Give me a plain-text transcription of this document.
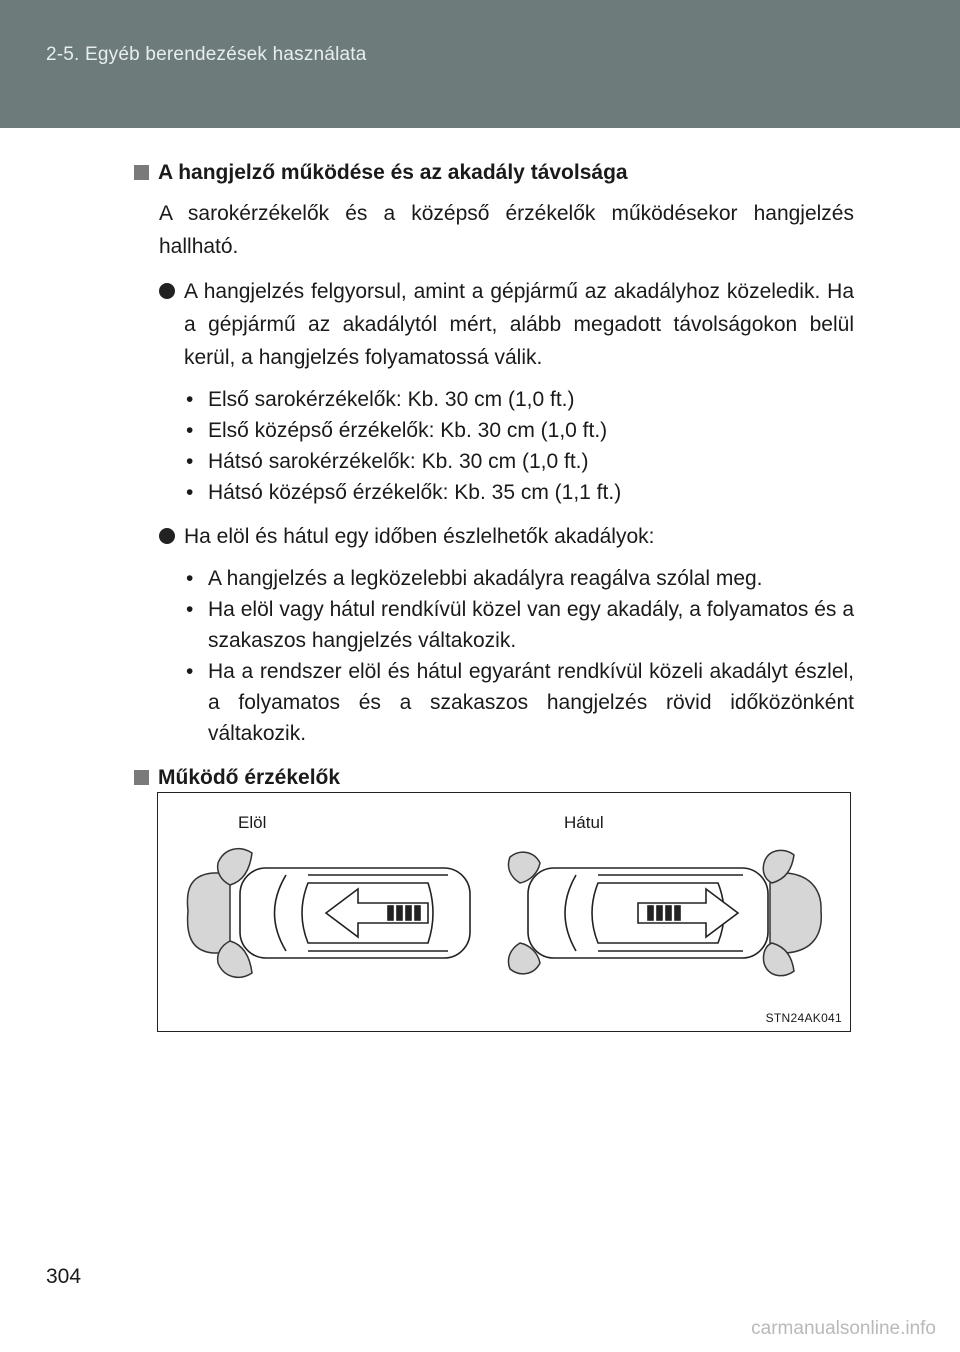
2-5. Egyéb berendezések használata

A hangjelző működése és az akadály távolsága

A sarokérzékelők és a középső érzékelők működésekor hangjelzés hallható.
A hangjelzés felgyorsul, amint a gépjármű az akadályhoz közeledik. Ha a gépjármű az akadálytól mért, alább megadott távolságokon belül kerül, a hangjelzés folyamatossá válik.
• Első sarokérzékelők: Kb. 30 cm (1,0 ft.)
• Első középső érzékelők: Kb. 30 cm (1,0 ft.)
• Hátsó sarokérzékelők: Kb. 30 cm (1,0 ft.)
• Hátsó középső érzékelők: Kb. 35 cm (1,1 ft.)
Ha elöl és hátul egy időben észlelhetők akadályok:
• A hangjelzés a legközelebbi akadályra reagálva szólal meg.
• Ha elöl vagy hátul rendkívül közel van egy akadály, a folyamatos és a szakaszos hangjelzés váltakozik.
• Ha a rendszer elöl és hátul egyaránt rendkívül közeli akadályt észlel, a folyamatos és a szakaszos hangjelzés rövid időközönként váltakozik.

Működő érzékelők

Elöl	Hátul
STN24AK041
304
carmanualsonline.info
